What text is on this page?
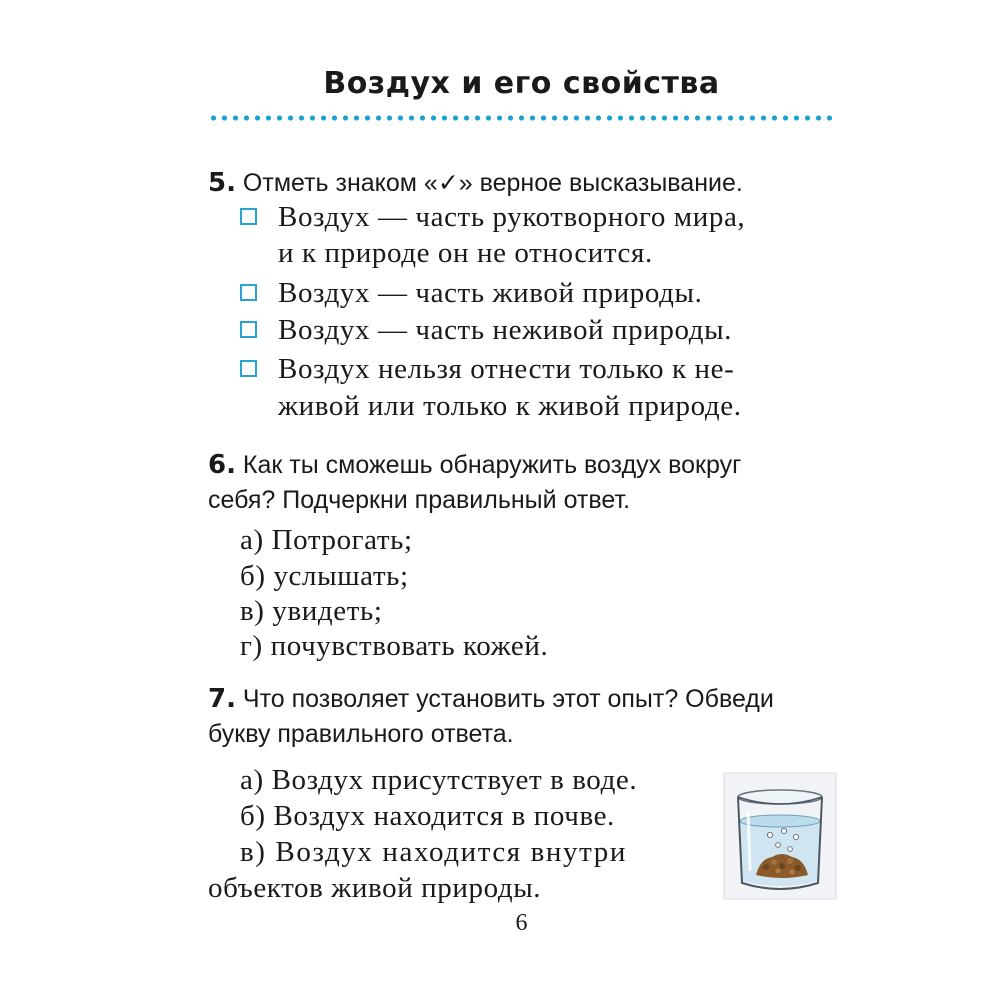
Воздух и его свойства
5. Отметь знаком «✓» верное высказывание.
Воздух — часть рукотворного мира,
и к природе он не относится.
Воздух — часть живой природы.
Воздух — часть неживой природы.
Воздух нельзя отнести только к не-
живой или только к живой природе.
6. Как ты сможешь обнаружить воздух вокруг
себя? Подчеркни правильный ответ.
а) Потрогать;
б) услышать;
в) увидеть;
г) почувствовать кожей.
7. Что позволяет установить этот опыт? Обведи
букву правильного ответа.
а) Воздух присутствует в воде.
б) Воздух находится в почве.
в) Воздух находится внутри
объектов живой природы.
6
